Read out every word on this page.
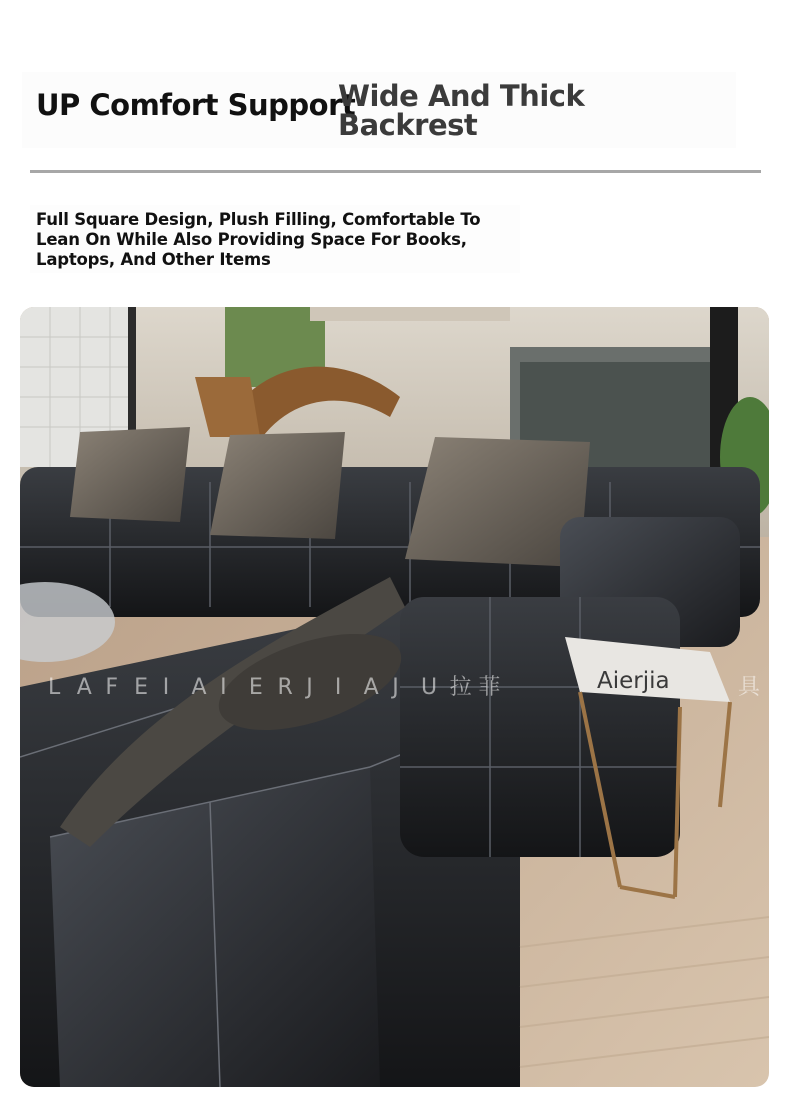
UP Comfort Support
Wide And Thick Backrest
Full Square Design, Plush Filling, Comfortable To Lean On While Also Providing Space For Books, Laptops, And Other Items
L A F E I A I E R J I A J U 拉 菲	Aierjia	具
